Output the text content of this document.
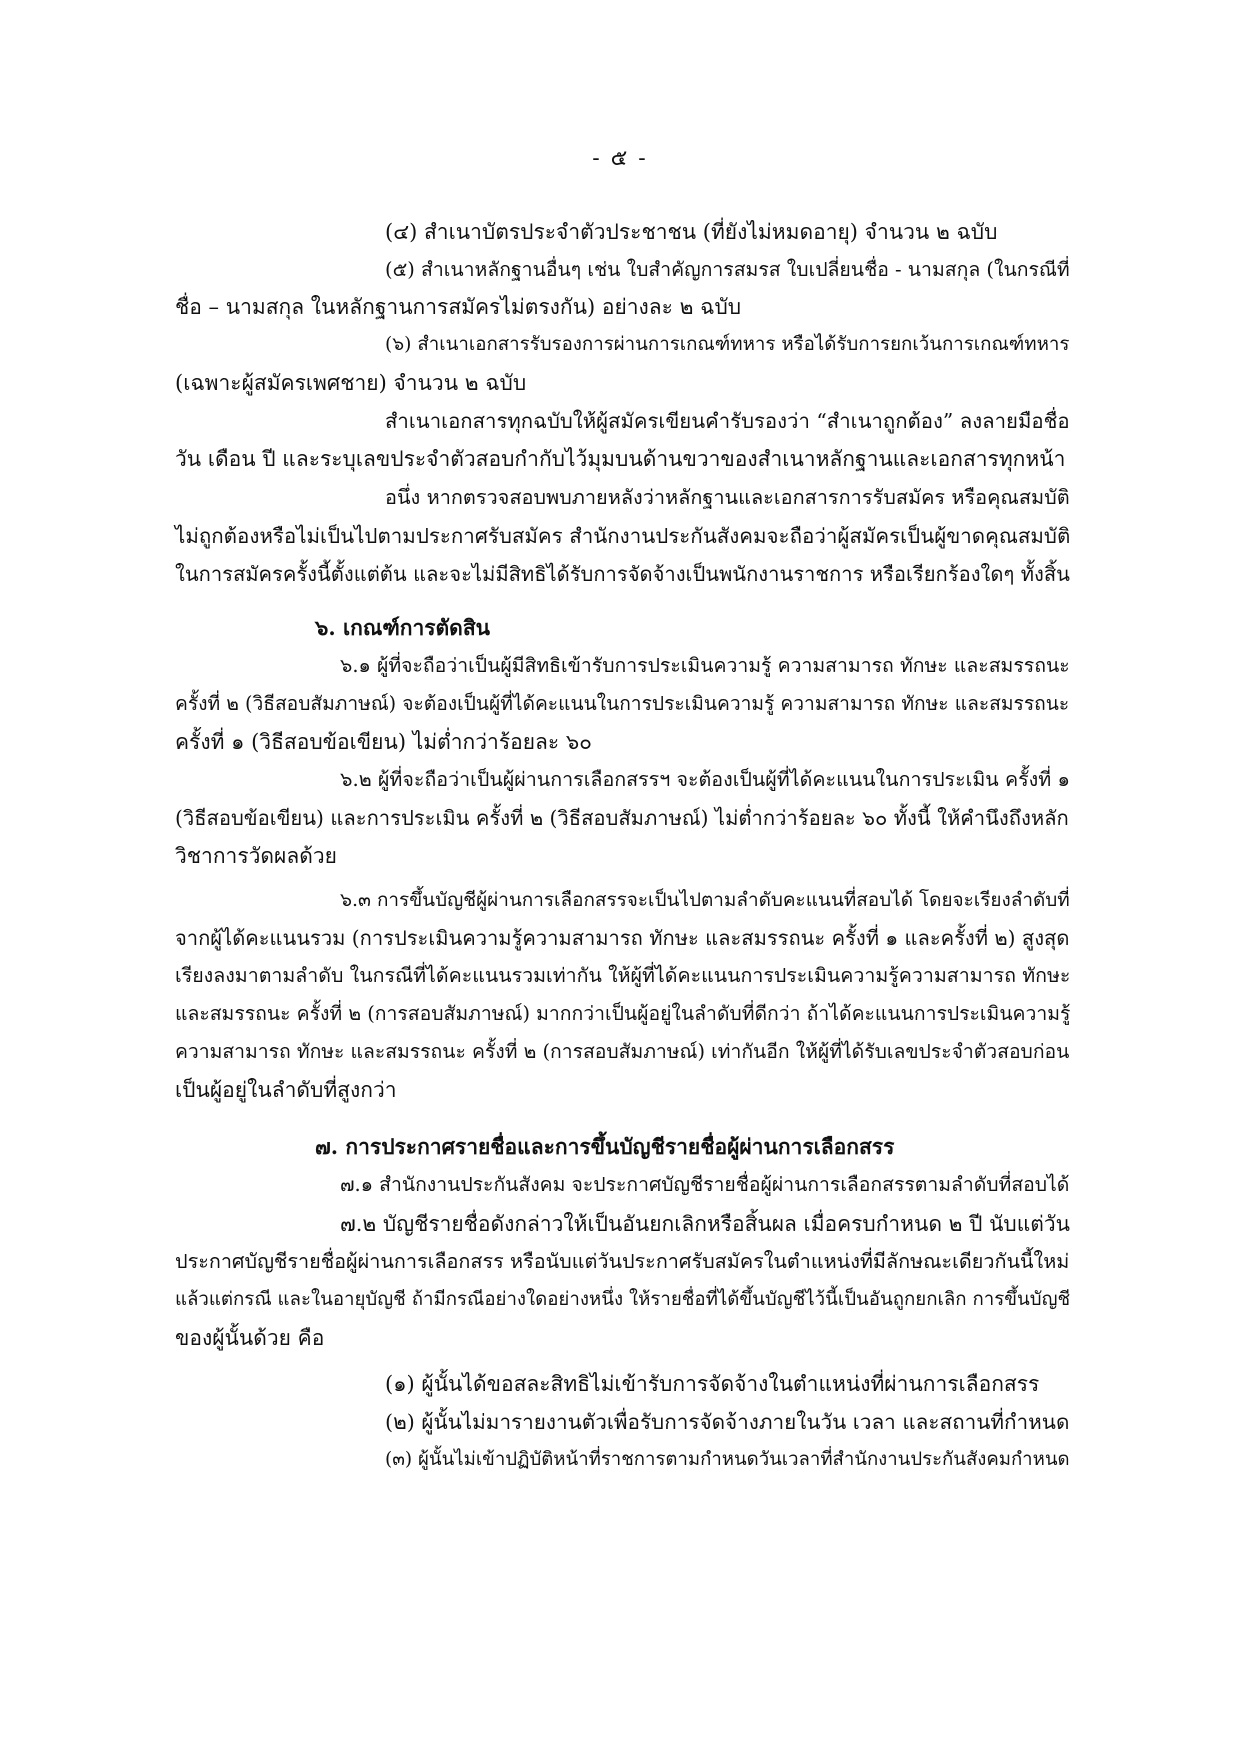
- ๕ -
(๔) สำเนาบัตรประจำตัวประชาชน (ที่ยังไม่หมดอายุ) จำนวน ๒ ฉบับ
(๕) สำเนาหลักฐานอื่นๆ เช่น ใบสำคัญการสมรส ใบเปลี่ยนชื่อ - นามสกุล (ในกรณีที่
ชื่อ – นามสกุล ในหลักฐานการสมัครไม่ตรงกัน) อย่างละ ๒ ฉบับ
(๖) สำเนาเอกสารรับรองการผ่านการเกณฑ์ทหาร หรือได้รับการยกเว้นการเกณฑ์ทหาร
(เฉพาะผู้สมัครเพศชาย) จำนวน ๒ ฉบับ
สำเนาเอกสารทุกฉบับให้ผู้สมัครเขียนคำรับรองว่า “สำเนาถูกต้อง” ลงลายมือชื่อ
วัน เดือน ปี และระบุเลขประจำตัวสอบกำกับไว้มุมบนด้านขวาของสำเนาหลักฐานและเอกสารทุกหน้า
อนึ่ง หากตรวจสอบพบภายหลังว่าหลักฐานและเอกสารการรับสมัคร หรือคุณสมบัติ
ไม่ถูกต้องหรือไม่เป็นไปตามประกาศรับสมัคร สำนักงานประกันสังคมจะถือว่าผู้สมัครเป็นผู้ขาดคุณสมบัติ
ในการสมัครครั้งนี้ตั้งแต่ต้น และจะไม่มีสิทธิได้รับการจัดจ้างเป็นพนักงานราชการ หรือเรียกร้องใดๆ ทั้งสิ้น
๖. เกณฑ์การตัดสิน
๖.๑ ผู้ที่จะถือว่าเป็นผู้มีสิทธิเข้ารับการประเมินความรู้ ความสามารถ ทักษะ และสมรรถนะ
ครั้งที่ ๒ (วิธีสอบสัมภาษณ์) จะต้องเป็นผู้ที่ได้คะแนนในการประเมินความรู้ ความสามารถ ทักษะ และสมรรถนะ
ครั้งที่ ๑ (วิธีสอบข้อเขียน) ไม่ต่ำกว่าร้อยละ ๖๐
๖.๒ ผู้ที่จะถือว่าเป็นผู้ผ่านการเลือกสรรฯ จะต้องเป็นผู้ที่ได้คะแนนในการประเมิน ครั้งที่ ๑
(วิธีสอบข้อเขียน) และการประเมิน ครั้งที่ ๒ (วิธีสอบสัมภาษณ์) ไม่ต่ำกว่าร้อยละ ๖๐ ทั้งนี้ ให้คำนึงถึงหลัก
วิชาการวัดผลด้วย
๖.๓ การขึ้นบัญชีผู้ผ่านการเลือกสรรจะเป็นไปตามลำดับคะแนนที่สอบได้ โดยจะเรียงลำดับที่
จากผู้ได้คะแนนรวม (การประเมินความรู้ความสามารถ ทักษะ และสมรรถนะ ครั้งที่ ๑ และครั้งที่ ๒) สูงสุด
เรียงลงมาตามลำดับ ในกรณีที่ได้คะแนนรวมเท่ากัน ให้ผู้ที่ได้คะแนนการประเมินความรู้ความสามารถ ทักษะ
และสมรรถนะ ครั้งที่ ๒ (การสอบสัมภาษณ์) มากกว่าเป็นผู้อยู่ในลำดับที่ดีกว่า ถ้าได้คะแนนการประเมินความรู้
ความสามารถ ทักษะ และสมรรถนะ ครั้งที่ ๒ (การสอบสัมภาษณ์) เท่ากันอีก ให้ผู้ที่ได้รับเลขประจำตัวสอบก่อน
เป็นผู้อยู่ในลำดับที่สูงกว่า
๗. การประกาศรายชื่อและการขึ้นบัญชีรายชื่อผู้ผ่านการเลือกสรร
๗.๑ สำนักงานประกันสังคม จะประกาศบัญชีรายชื่อผู้ผ่านการเลือกสรรตามลำดับที่สอบได้
๗.๒ บัญชีรายชื่อดังกล่าวให้เป็นอันยกเลิกหรือสิ้นผล เมื่อครบกำหนด ๒ ปี นับแต่วัน
ประกาศบัญชีรายชื่อผู้ผ่านการเลือกสรร หรือนับแต่วันประกาศรับสมัครในตำแหน่งที่มีลักษณะเดียวกันนี้ใหม่
แล้วแต่กรณี และในอายุบัญชี ถ้ามีกรณีอย่างใดอย่างหนึ่ง ให้รายชื่อที่ได้ขึ้นบัญชีไว้นี้เป็นอันถูกยกเลิก การขึ้นบัญชี
ของผู้นั้นด้วย คือ
(๑) ผู้นั้นได้ขอสละสิทธิไม่เข้ารับการจัดจ้างในตำแหน่งที่ผ่านการเลือกสรร
(๒) ผู้นั้นไม่มารายงานตัวเพื่อรับการจัดจ้างภายในวัน เวลา และสถานที่กำหนด
(๓) ผู้นั้นไม่เข้าปฏิบัติหน้าที่ราชการตามกำหนดวันเวลาที่สำนักงานประกันสังคมกำหนด
